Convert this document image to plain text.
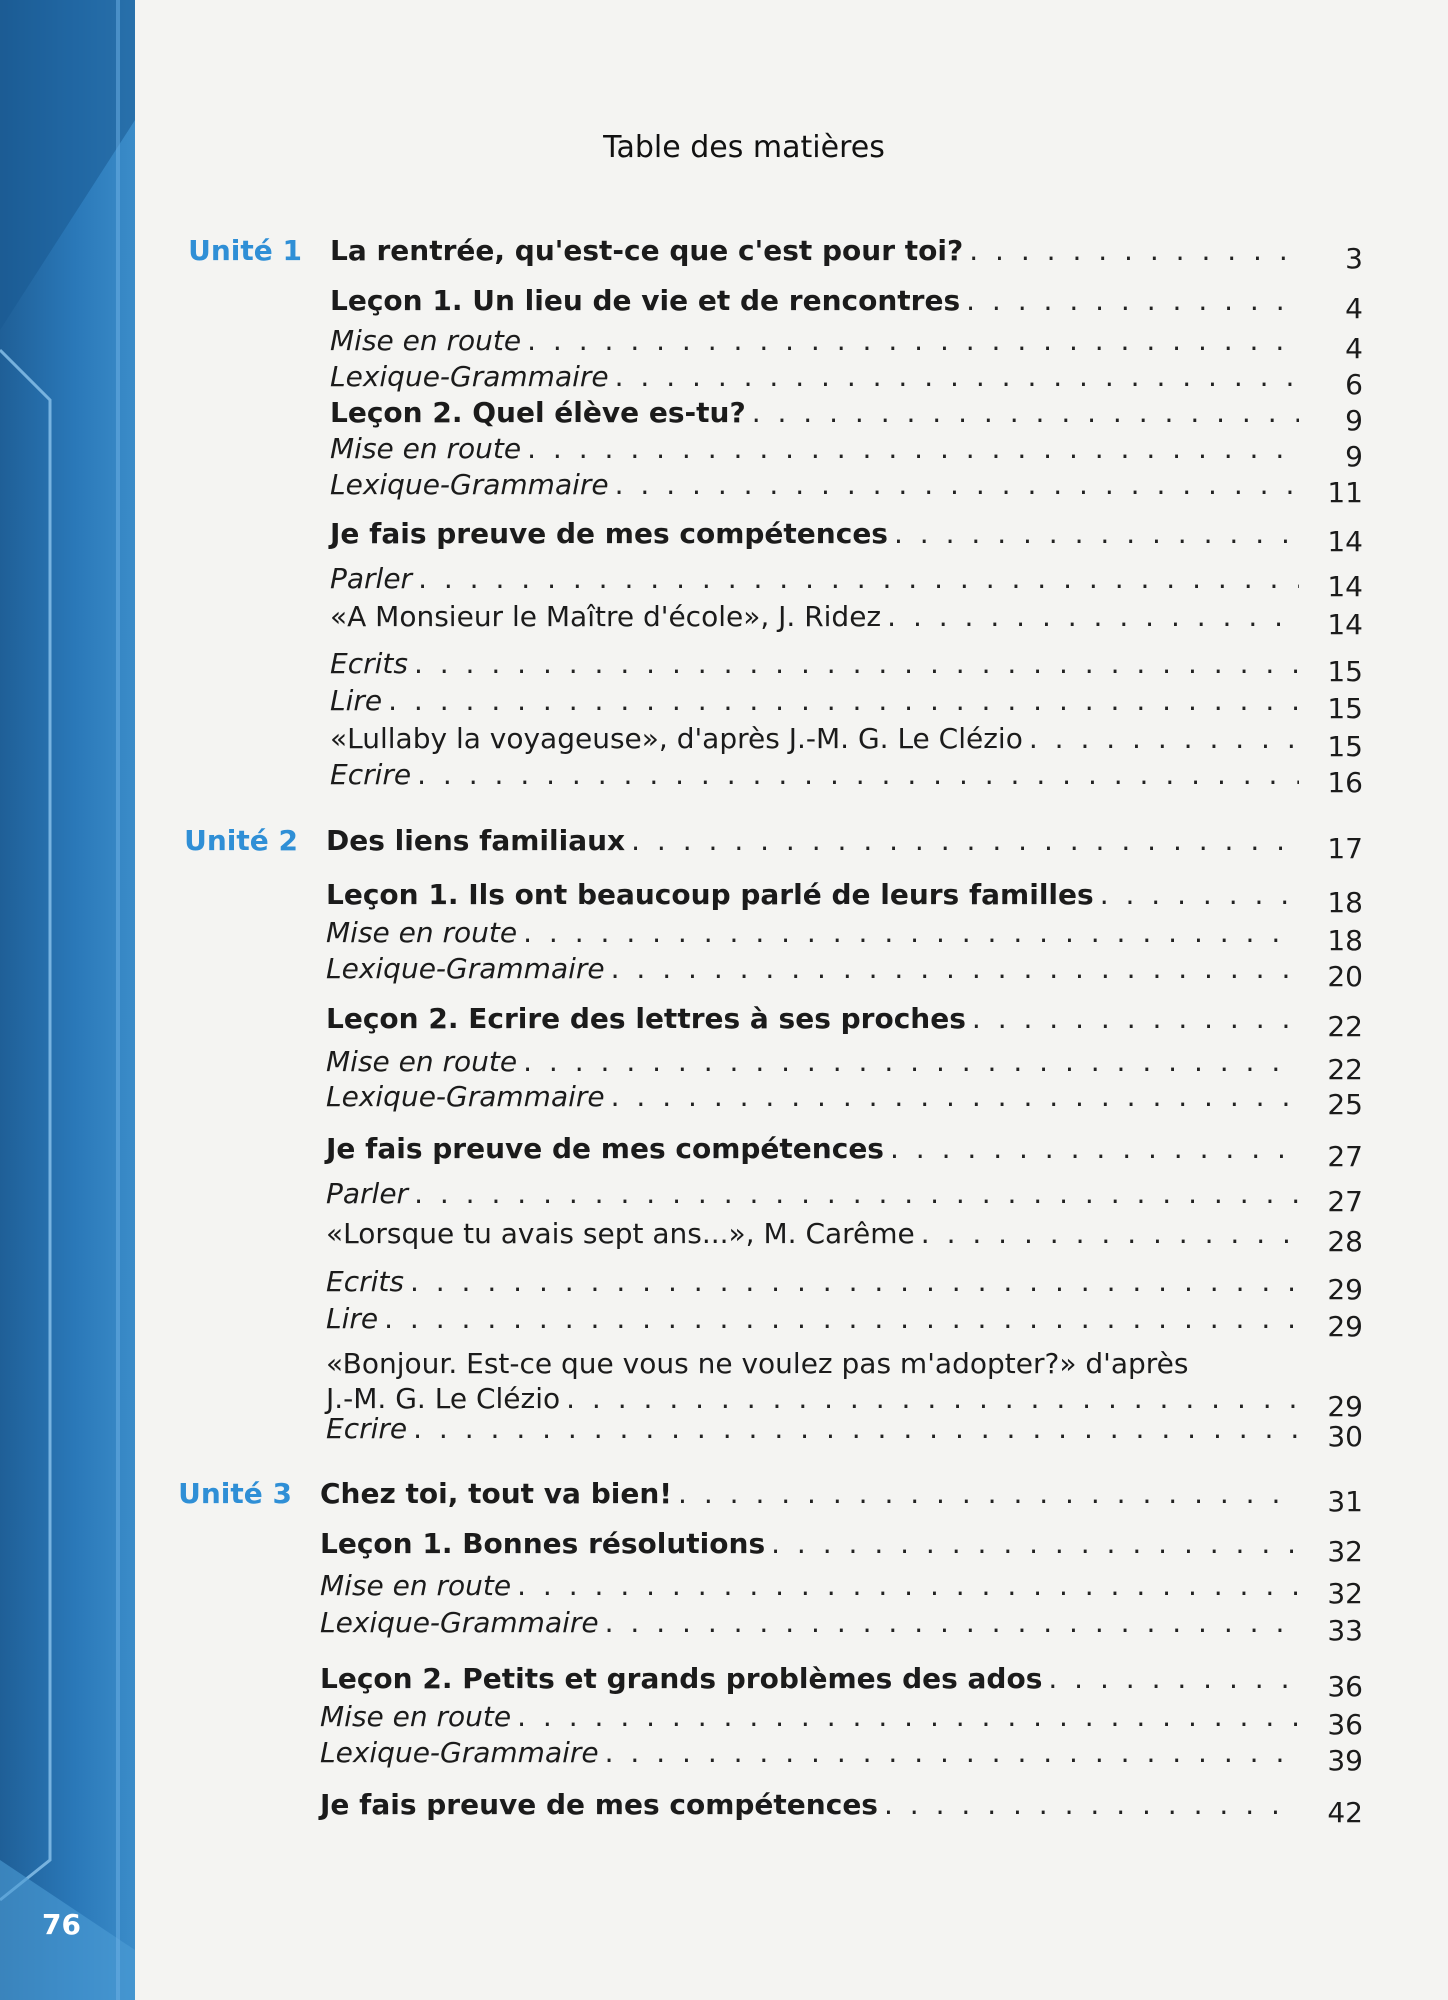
76
Table des matières
Unité 1 La rentrée, qu'est-ce que c'est pour toi? . . .	3
Leçon 1. Un lieu de vie et de rencontres . . .	4
Mise en route . . .	4
Lexique-Grammaire . . .	6
Leçon 2. Quel élève es-tu? . . .	9
Mise en route . . .	9
Lexique-Grammaire . . .	11
Je fais preuve de mes compétences . . .	14
Parler . . .	14
«A Monsieur le Maître d'école», J. Ridez . . .	14
Ecrits . . .	15
Lire . . .	15
«Lullaby la voyageuse», d'après J.-M. G. Le Clézio . . .	15
Ecrire . . .	16
Unité 2 Des liens familiaux . . .	17
Leçon 1. Ils ont beaucoup parlé de leurs familles . . .	18
Mise en route . . .	18
Lexique-Grammaire . . .	20
Leçon 2. Ecrire des lettres à ses proches . . .	22
Mise en route . . .	22
Lexique-Grammaire . . .	25
Je fais preuve de mes compétences . . .	27
Parler . . .	27
«Lorsque tu avais sept ans...», M. Carême . . .	28
Ecrits . . .	29
Lire . . .	29
«Bonjour. Est-ce que vous ne voulez pas m'adopter?» d'après
J.-M. G. Le Clézio . . .	29
Ecrire . . .	30
Unité 3 Chez toi, tout va bien! . . .	31
Leçon 1. Bonnes résolutions . . .	32
Mise en route . . .	32
Lexique-Grammaire . . .	33
Leçon 2. Petits et grands problèmes des ados . . .	36
Mise en route . . .	36
Lexique-Grammaire . . .	39
Je fais preuve de mes compétences . . .	42
